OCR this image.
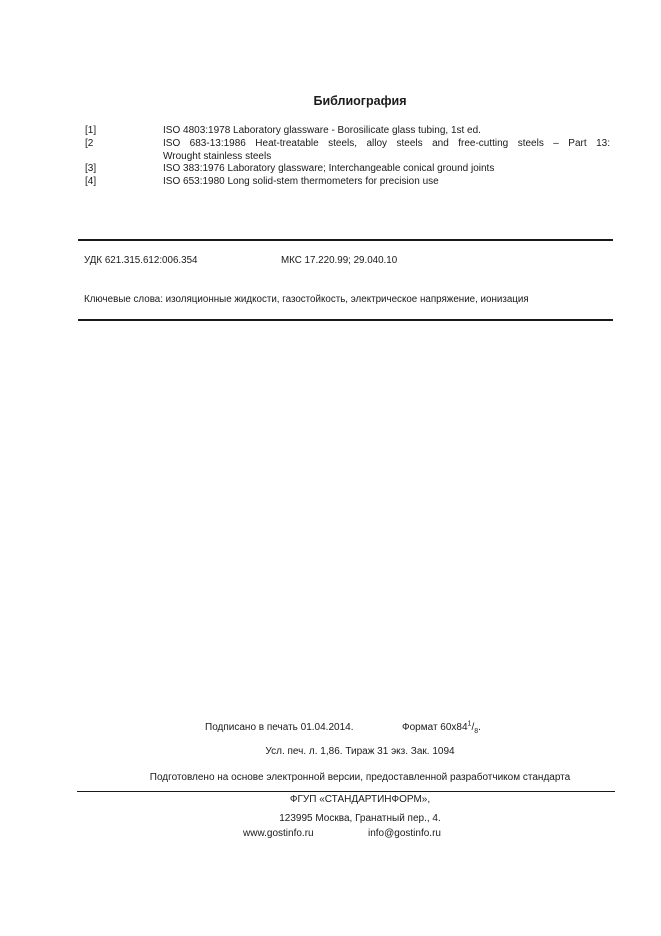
Библиография
[1]	ISO 4803:1978 Laboratory glassware - Borosilicate glass tubing, 1st ed.
[2	ISO 683-13:1986 Heat-treatable steels, alloy steels and free-cutting steels – Part 13:
Wrought stainless steels
[3]	ISO 383:1976 Laboratory glassware; Interchangeable conical ground joints
[4]	ISO 653:1980 Long solid-stem thermometers for precision use
УДК 621.315.612:006.354	МКС 17.220.99; 29.040.10
Ключевые слова: изоляционные жидкости, газостойкость, электрическое напряжение, ионизация
Подписано в печать 01.04.2014.	Формат $60x84^1/_8$.
Усл. печ. л. 1,86. Тираж 31 экз. Зак. 1094
Подготовлено на основе электронной версии, предоставленной разработчиком стандарта
ФГУП «СТАНДАРТИНФОРМ»,
123995 Москва, Гранатный пер., 4.
www.gostinfo.ru	info@gostinfo.ru
